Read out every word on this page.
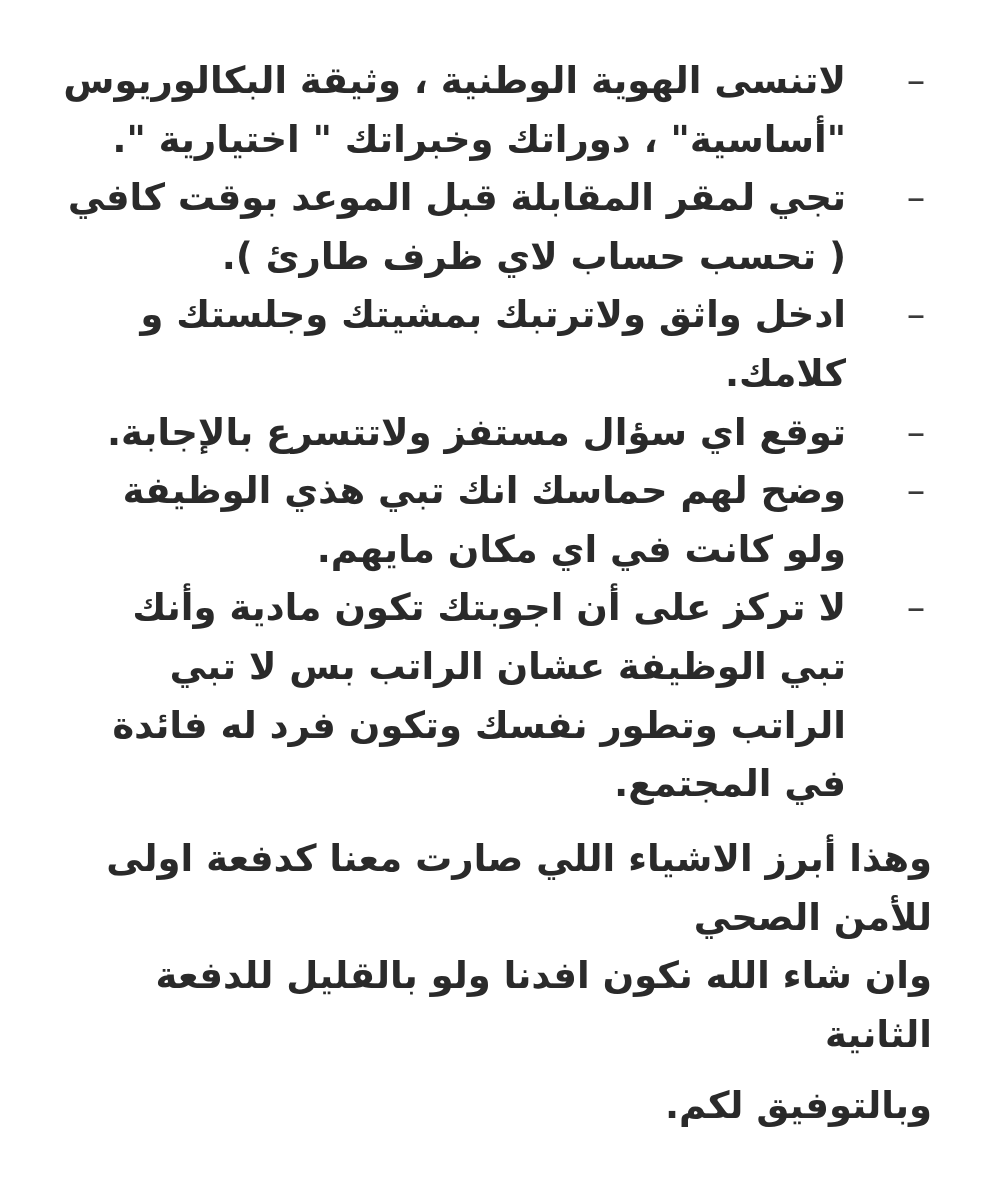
–
لاتنسى الهوية الوطنية ، وثيقة البكالوريوس "أساسية" ، دوراتك وخبراتك " اختيارية ".
–
تجي لمقر المقابلة قبل الموعد بوقت كافي ( تحسب حساب لاي ظرف طارئ ).
–
ادخل واثق ولاترتبك بمشيتك وجلستك و كلامك.
–
توقع اي سؤال مستفز ولاتتسرع بالإجابة.
–
وضح لهم حماسك انك تبي هذي الوظيفة ولو كانت في اي مكان مايهم.
–
لا تركز على أن اجوبتك تكون مادية وأنك تبي الوظيفة عشان الراتب بس لا تبي الراتب وتطور نفسك وتكون فرد له فائدة في المجتمع.

وهذا أبرز الاشياء اللي صارت معنا كدفعة اولى للأمن الصحي

وان شاء الله نكون افدنا ولو بالقليل للدفعة الثانية

وبالتوفيق لكم.
